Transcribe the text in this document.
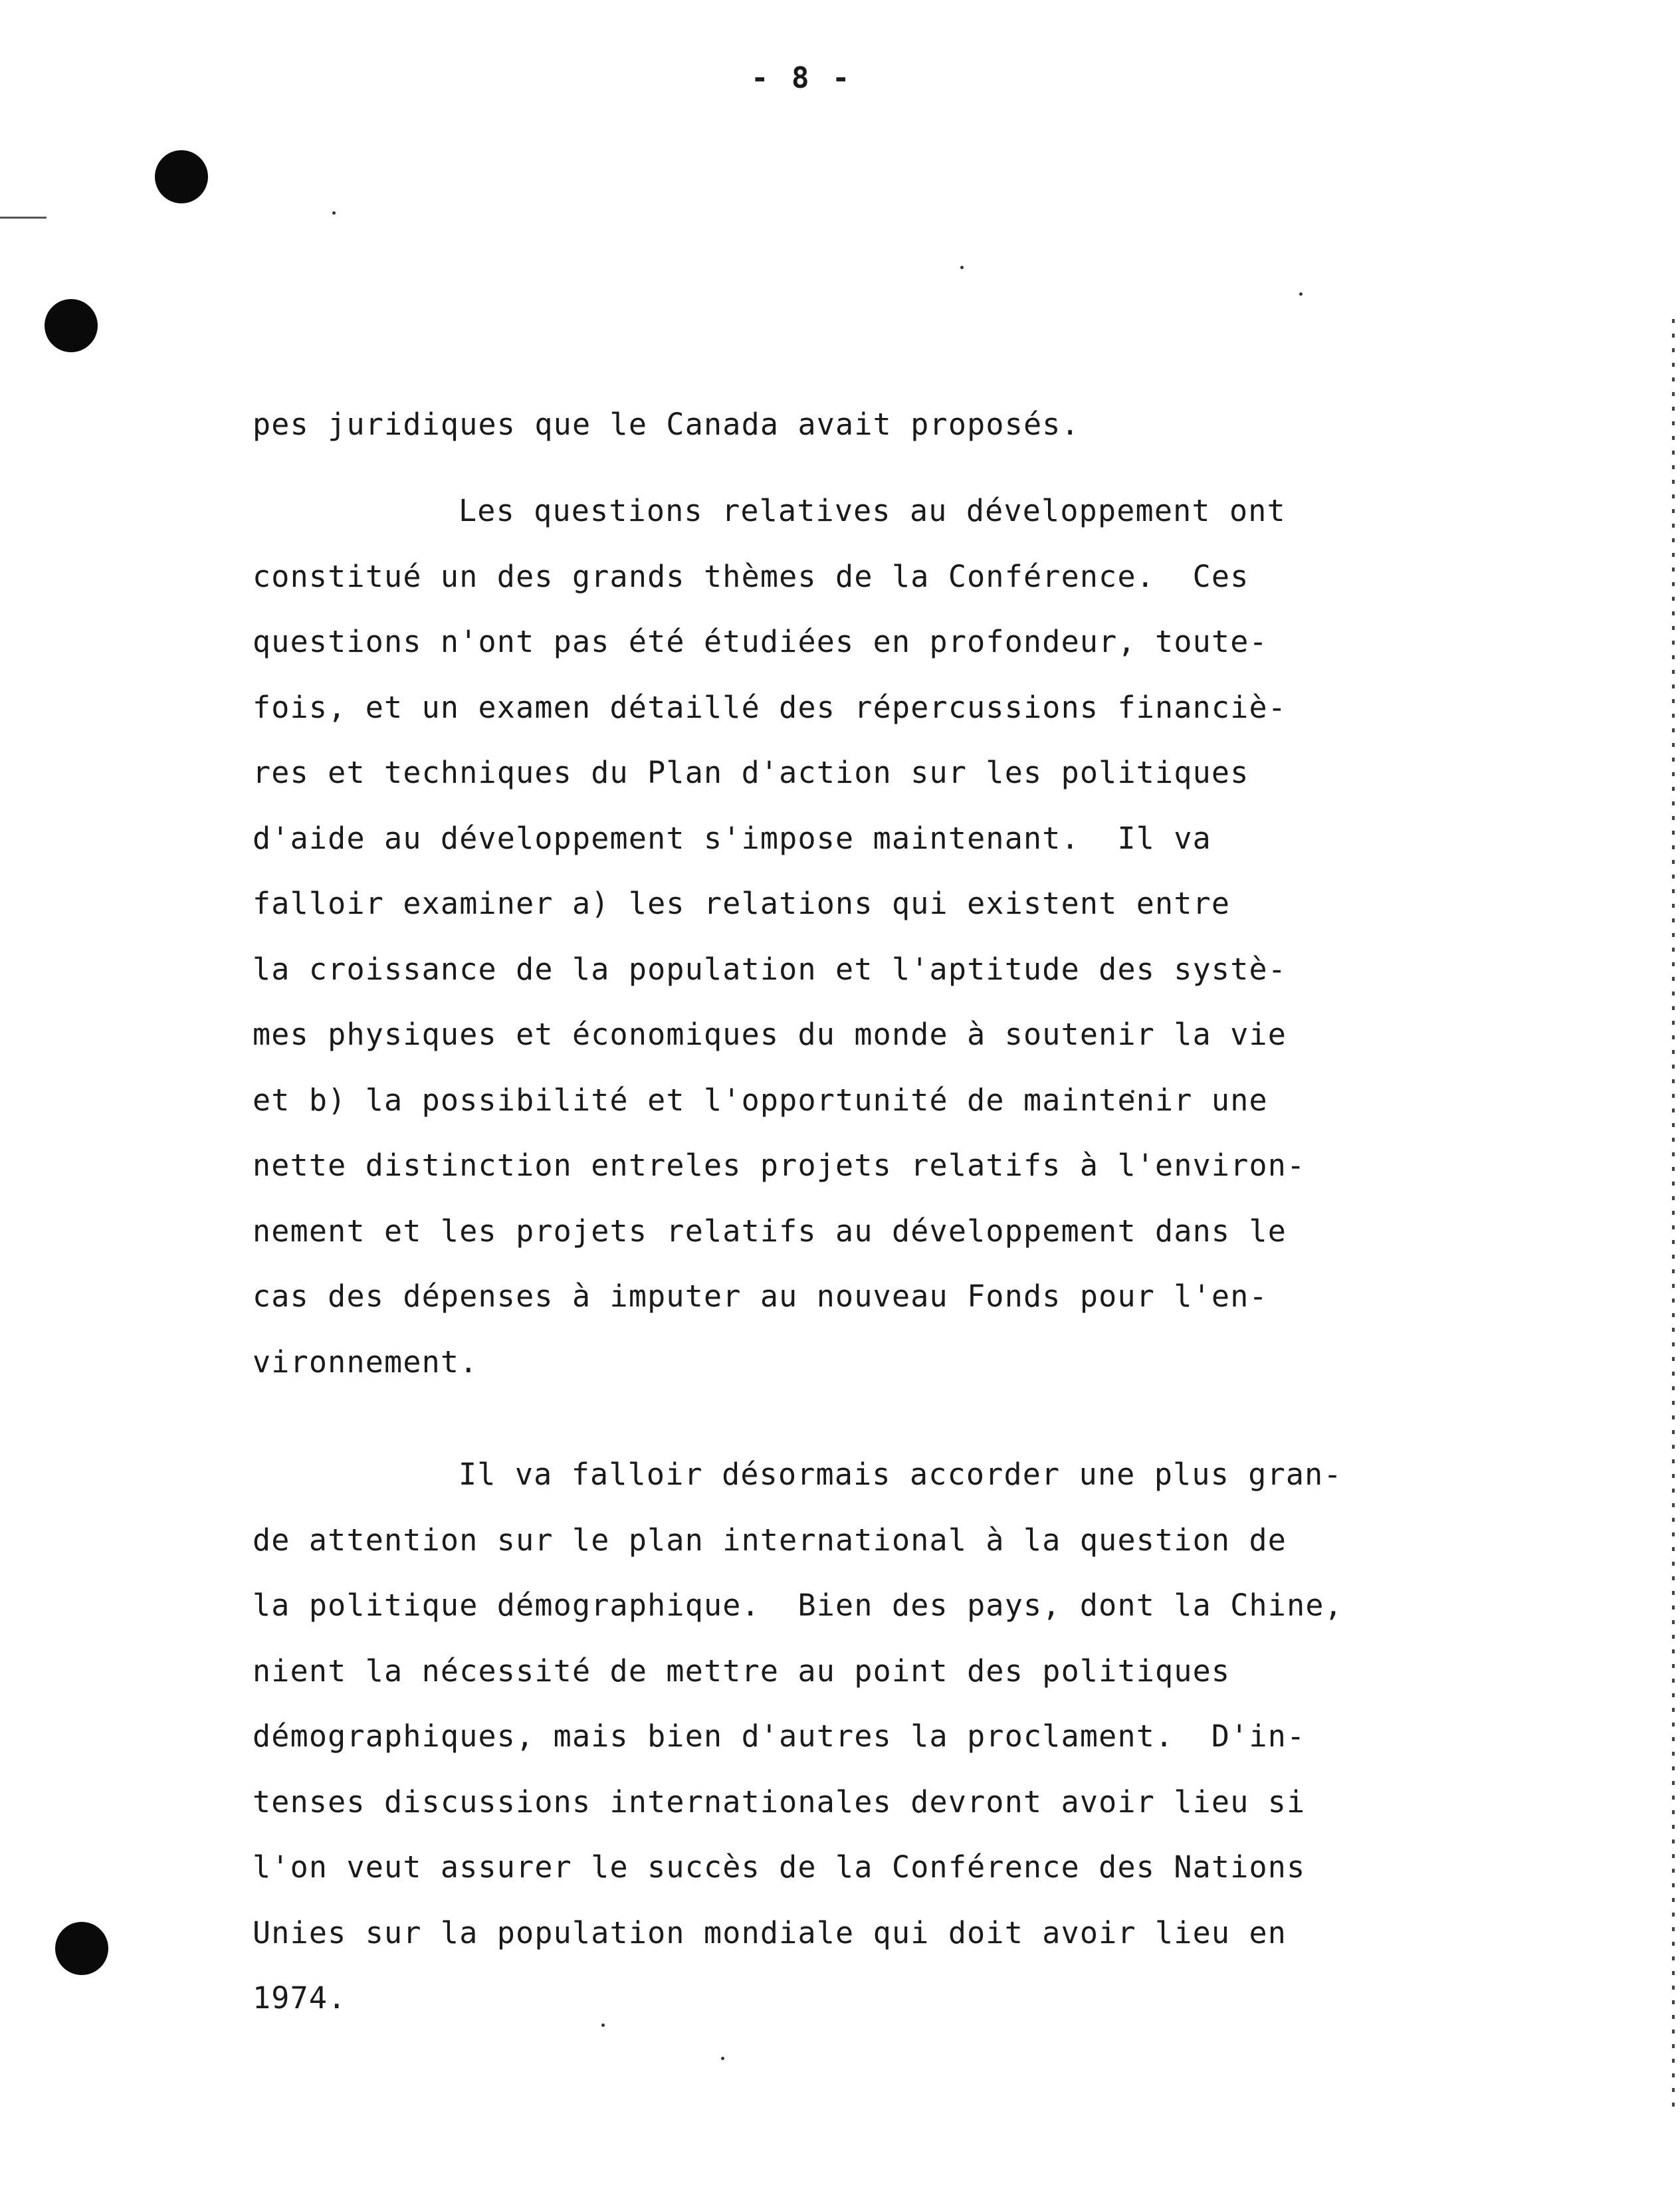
- 8 -
pes juridiques que le Canada avait proposés.
Les questions relatives au développement ont
constitué un des grands thèmes de la Conférence.  Ces
questions n'ont pas été étudiées en profondeur, toute-
fois, et un examen détaillé des répercussions financiè-
res et techniques du Plan d'action sur les politiques
d'aide au développement s'impose maintenant.  Il va
falloir examiner a) les relations qui existent entre
la croissance de la population et l'aptitude des systè-
mes physiques et économiques du monde à soutenir la vie
et b) la possibilité et l'opportunité de maintenir une
nette distinction entreles projets relatifs à l'environ-
nement et les projets relatifs au développement dans le
cas des dépenses à imputer au nouveau Fonds pour l'en-
vironnement.
Il va falloir désormais accorder une plus gran-
de attention sur le plan international à la question de
la politique démographique.  Bien des pays, dont la Chine,
nient la nécessité de mettre au point des politiques
démographiques, mais bien d'autres la proclament.  D'in-
tenses discussions internationales devront avoir lieu si
l'on veut assurer le succès de la Conférence des Nations
Unies sur la population mondiale qui doit avoir lieu en
1974.
